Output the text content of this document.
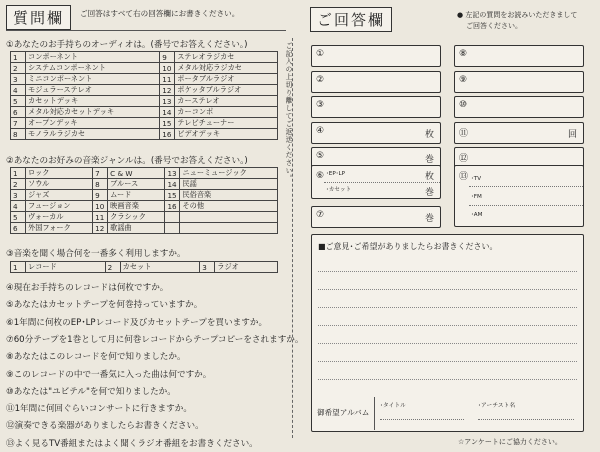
質問欄	ご回答はすべて右の回答欄にお書きください。
①あなたのお手持ちのオーディオは。(番号でお答えください。)
1	コンポーネント	9	ステレオラジカセ
2	システムコンポーネント	10	メタル対応ラジカセ
3	ミニコンポーネント	11	ポータブルラジオ
4	モジュラーステレオ	12	ポケッタブルラジオ
5	カセットデッキ	13	カーステレオ
6	メタル対応カセットデッキ	14	カーコンポ
7	オープンデッキ	15	テレビチューナー
8	モノラルラジカセ	16	ビデオデッキ
②あなたのお好みの音楽ジャンルは。(番号でお答えください。)
1	ロック	7	C & W	13	ニューミュージック
2	ソウル	8	ブルース	14	民謡
3	ジャズ	9	ムード	15	民俗音楽
4	フュージョン	10	映画音楽	16	その他
5	ヴォーカル	11	クラシック		
6	外国フォーク	12	歌謡曲		
③音楽を聞く場合何を一番多く利用しますか。
1	レコード	2	カセット	3	ラジオ
④現在お手持ちのレコードは何枚ですか。
⑤あなたはカセットテープを何巻持っていますか。
⑥1年間に何枚のEP･LPレコード及びカセットテープを買いますか。
⑦60分テープを1巻として月に何巻レコードからテープコピーをされますか。
⑧あなたはこのレコードを何で知りましたか。
⑨このレコードの中で一番気に入った曲は何ですか。
⑩あなたは"ユビテル"を何で知りましたか。
⑪1年間に何回ぐらいコンサートに行きますか。
⑫演奏できる楽器がありましたらお書きください。
⑬よく見るTV番組またはよく聞くラジオ番組をお書きください。
ご記入の上切り離してご返送ください。
ご回答欄	● 左記の質問をお読みいただきまして
ご回答ください。
①
②
③
④	枚
⑤	巻
⑥ ･EP･LP
･カセット
枚
巻
⑦	巻
⑧
⑨
⑩
⑪	回
⑫
⑬ ･TV
･FM
･AM
■ご意見･ご希望がありましたらお書きください。
御希望アルバム
･タイトル	･アーチスト名
☆アンケートにご協力ください。
